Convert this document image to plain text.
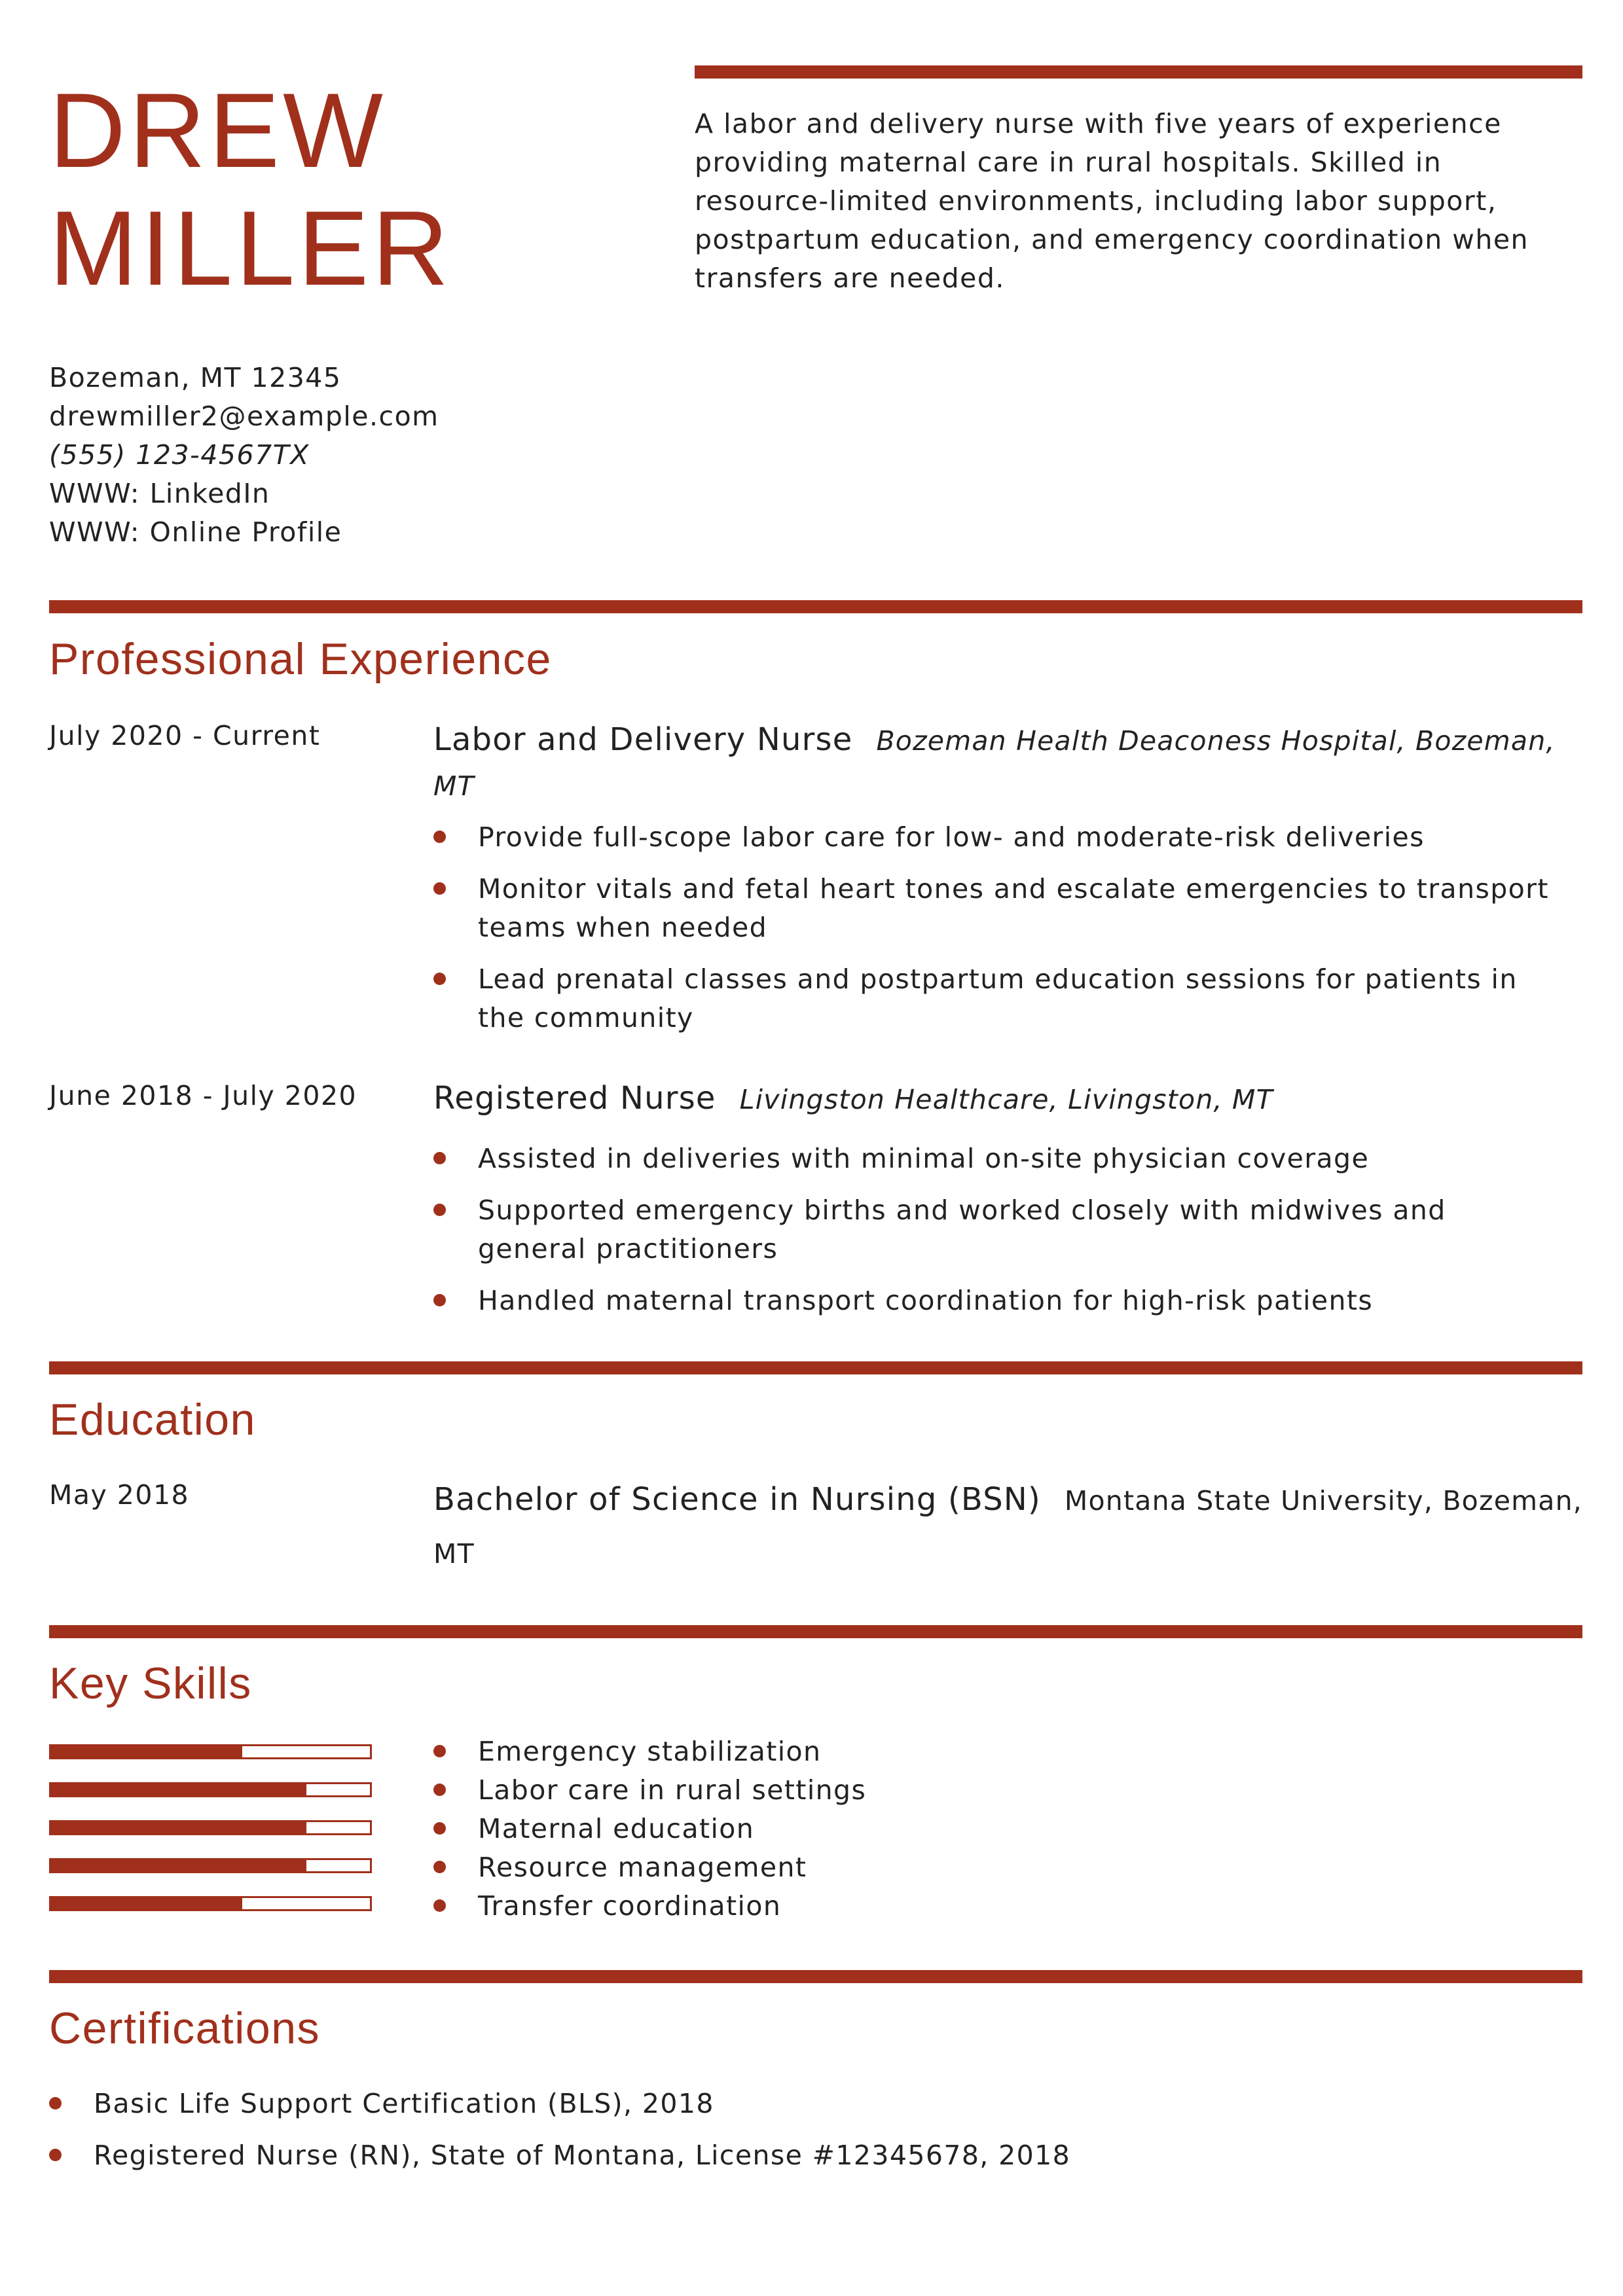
DREW
MILLER
A labor and delivery nurse with five years of experience providing maternal care in rural hospitals. Skilled in resource-limited environments, including labor support, postpartum education, and emergency coordination when transfers are needed.
Bozeman, MT 12345
drewmiller2@example.com
(555) 123-4567TX
WWW: LinkedIn
WWW: Online Profile
Professional Experience
July 2020 - Current	Labor and Delivery Nurse Bozeman Health Deaconess Hospital, Bozeman, MT
Provide full-scope labor care for low- and moderate-risk deliveries
Monitor vitals and fetal heart tones and escalate emergencies to transport teams when needed
Lead prenatal classes and postpartum education sessions for patients in the community
June 2018 - July 2020 Registered Nurse Livingston Healthcare, Livingston, MT
Assisted in deliveries with minimal on-site physician coverage
Supported emergency births and worked closely with midwives and general practitioners
Handled maternal transport coordination for high-risk patients
Education
May 2018	Bachelor of Science in Nursing (BSN) Montana State University, Bozeman, MT
Key Skills
Emergency stabilization
Labor care in rural settings
Maternal education
Resource management
Transfer coordination
Certifications
Basic Life Support Certification (BLS), 2018
Registered Nurse (RN), State of Montana, License #12345678, 2018
